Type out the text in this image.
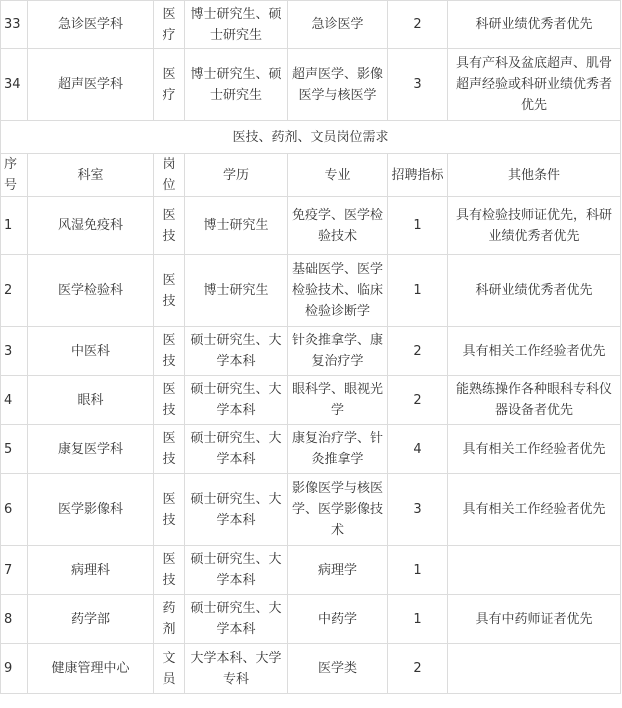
33	急诊医学科	医疗	博士研究生、硕士研究生	急诊医学	2	科研业绩优秀者优先
34	超声医学科	医疗	博士研究生、硕士研究生	超声医学、影像医学与核医学	3	具有产科及盆底超声、肌骨超声经验或科研业绩优秀者优先
医技、药剂、文员岗位需求						
序号	科室	岗位	学历	专业	招聘指标	其他条件
1	风湿免疫科	医技	博士研究生	免疫学、医学检验技术	1	具有检验技师证优先，科研业绩优秀者优先
2	医学检验科	医技	博士研究生	基础医学、医学检验技术、临床检验诊断学	1	科研业绩优秀者优先
3	中医科	医技	硕士研究生、大学本科	针灸推拿学、康复治疗学	2	具有相关工作经验者优先
4	眼科	医技	硕士研究生、大学本科	眼科学、眼视光学	2	能熟练操作各种眼科专科仪器设备者优先
5	康复医学科	医技	硕士研究生、大学本科	康复治疗学、针灸推拿学	4	具有相关工作经验者优先
6	医学影像科	医技	硕士研究生、大学本科	影像医学与核医学、医学影像技术	3	具有相关工作经验者优先
7	病理科	医技	硕士研究生、大学本科	病理学	1	
8	药学部	药剂	硕士研究生、大学本科	中药学	1	具有中药师证者优先
9	健康管理中心	文员	大学本科、大学专科	医学类	2	
